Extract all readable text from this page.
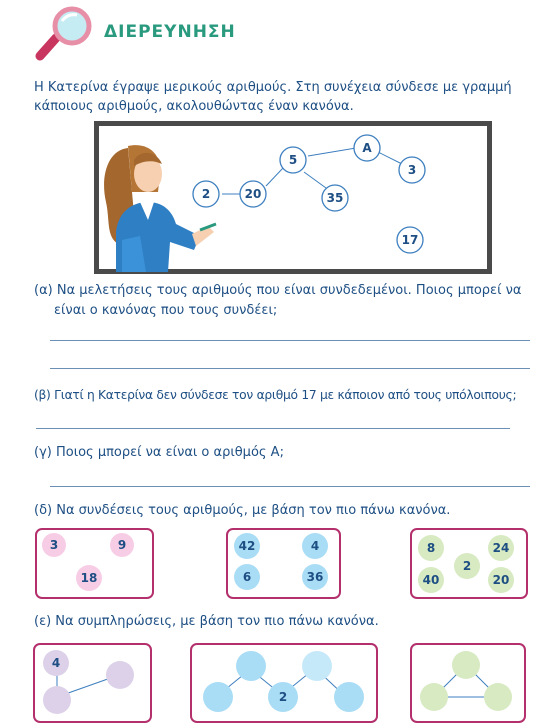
ΔΙΕΡΕΥΝΗΣΗ
Η Κατερίνα έγραψε μερικούς αριθμούς. Στη συνέχεια σύνδεσε με γραμμή
κάποιους αριθμούς, ακολουθώντας έναν κανόνα.
2	20
5
35
A
3
17
(α) Να μελετήσεις τους αριθμούς που είναι συνδεδεμένοι. Ποιος μπορεί να
είναι ο κανόνας που τους συνδέει;
(β) Γιατί η Κατερίνα δεν σύνδεσε τον αριθμό 17 με κάποιον από τους υπόλοιπους;
(γ) Ποιος μπορεί να είναι ο αριθμός Α;
(δ) Να συνδέσεις τους αριθμούς, με βάση τον πιο πάνω κανόνα.
3	9
18
42	4
6	36
8	24
2
40	20
(ε) Να συμπληρώσεις, με βάση τον πιο πάνω κανόνα.
4
2
